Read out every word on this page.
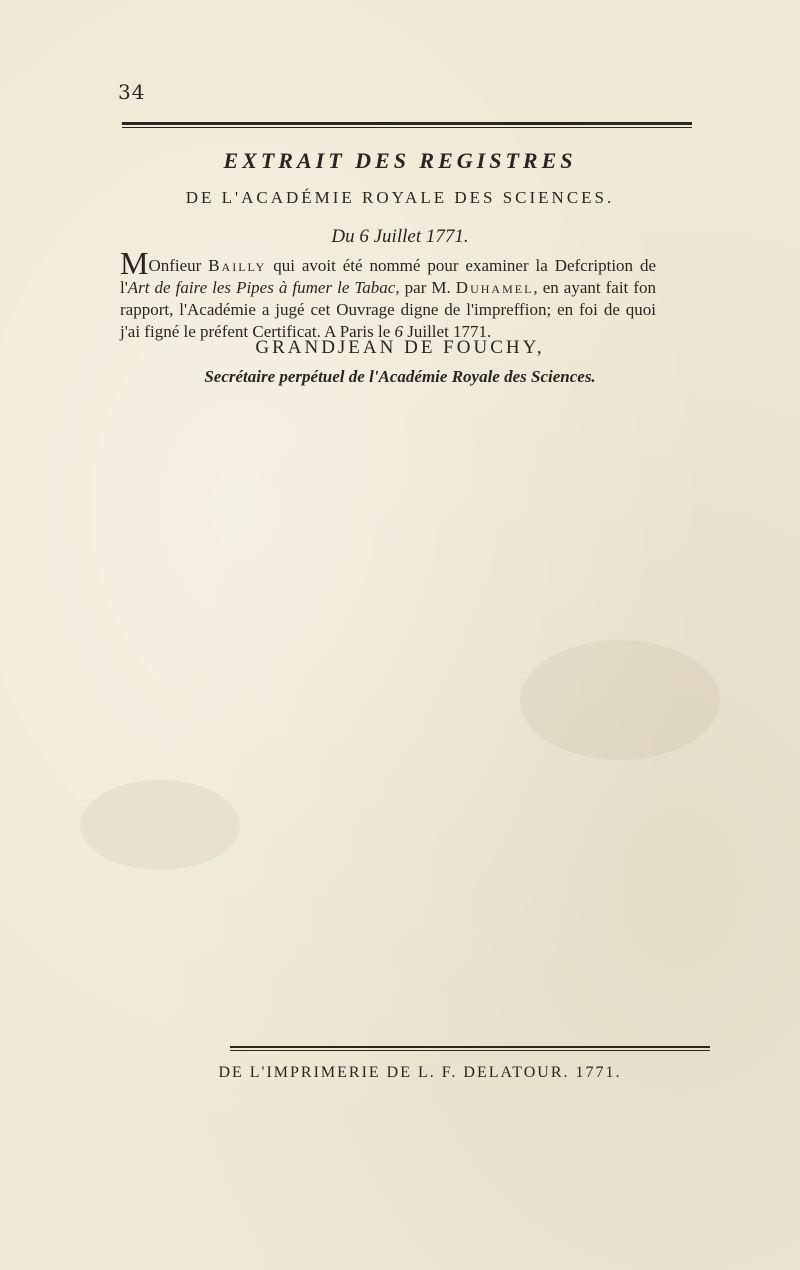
34
EXTRAIT DES REGISTRES
DE L'ACADÉMIE ROYALE DES SCIENCES.
Du 6 Juillet 1771.
MOnfieur Bailly qui avoit été nommé pour examiner la Defcription de l'Art de faire les Pipes à fumer le Tabac, par M. Duhamel, en ayant fait fon rapport, l'Académie a jugé cet Ouvrage digne de l'impreffion; en foi de quoi j'ai figné le préfent Certificat. A Paris le 6 Juillet 1771.
GRANDJEAN DE FOUCHY,
Secrétaire perpétuel de l'Académie Royale des Sciences.
DE L'IMPRIMERIE DE L. F. DELATOUR. 1771.
